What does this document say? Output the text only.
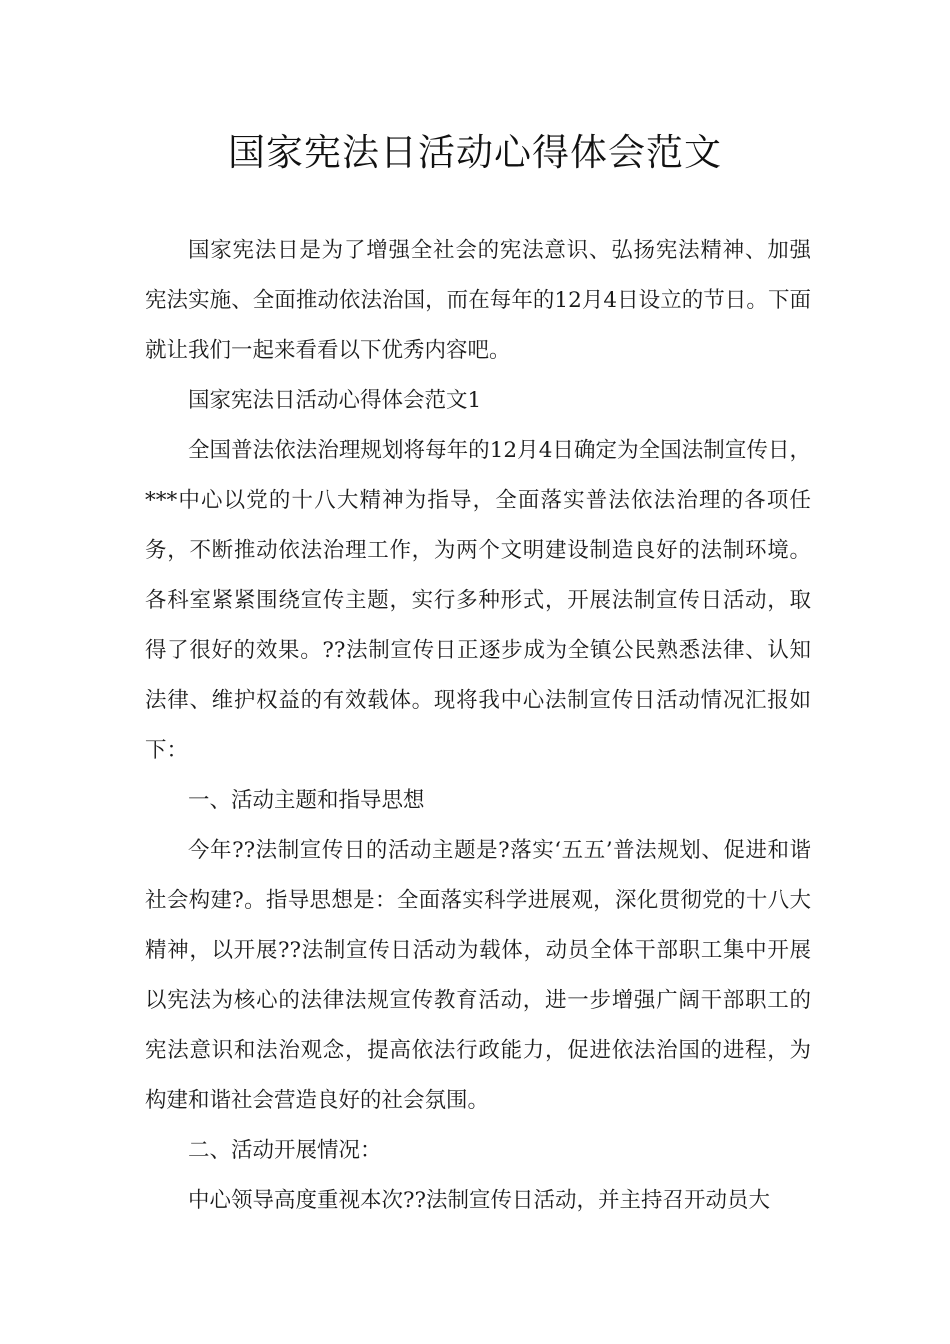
国家宪法日活动心得体会范文

国家宪法日是为了增强全社会的宪法意识、弘扬宪法精神、加强宪法实施、全面推动依法治国，而在每年的12月4日设立的节日。下面就让我们一起来看看以下优秀内容吧。

国家宪法日活动心得体会范文1

全国普法依法治理规划将每年的12月4日确定为全国法制宣传日，***中心以党的十八大精神为指导，全面落实普法依法治理的各项任务，不断推动依法治理工作，为两个文明建设制造良好的法制环境。各科室紧紧围绕宣传主题，实行多种形式，开展法制宣传日活动，取得了很好的效果。??法制宣传日正逐步成为全镇公民熟悉法律、认知法律、维护权益的有效载体。现将我中心法制宣传日活动情况汇报如下：

一、活动主题和指导思想

今年??法制宣传日的活动主题是?落实‘五五’普法规划、促进和谐社会构建?。指导思想是：全面落实科学进展观，深化贯彻党的十八大精神，以开展??法制宣传日活动为载体，动员全体干部职工集中开展以宪法为核心的法律法规宣传教育活动，进一步增强广阔干部职工的宪法意识和法治观念，提高依法行政能力，促进依法治国的进程，为构建和谐社会营造良好的社会氛围。

二、活动开展情况：

中心领导高度重视本次??法制宣传日活动，并主持召开动员大
